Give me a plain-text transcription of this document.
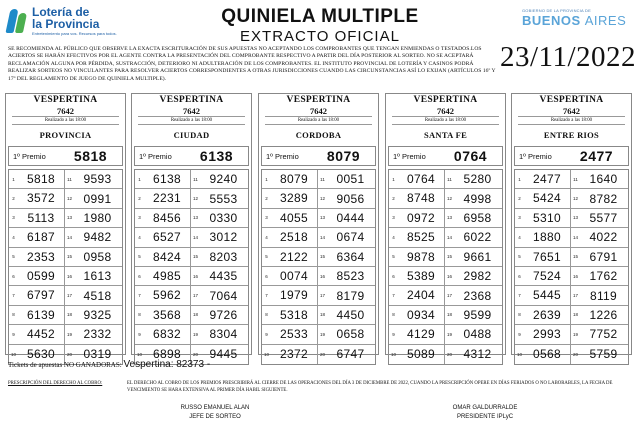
Lotería de
la Provincia
Entretenimiento para vos. Recursos para todos.
QUINIELA MULTIPLE
EXTRACTO OFICIAL
GOBIERNO DE LA PROVINCIA DE
BUENOS AIRES
SE RECOMIENDA AL PÚBLICO QUE OBSERVE LA EXACTA ESCRITURACIÓN DE SUS APUESTAS NO ACEPTANDO LOS COMPROBANTES QUE TENGAN ENMIENDAS O TESTADOS.LOS ACIERTOS SE HARÁN EFECTIVOS POR EL AGENTE CONTRA LA PRESENTACIÓN DEL COMPROBANTE RESPECTIVO A PARTIR DEL DÍA POSTERIOR AL SORTEO. NO SE ACEPTARÁ RECLAMACIÓN ALGUNA POR PÉRDIDA, SUSTRACCIÓN, DETERIORO NI ADULTERACIÓN DE LOS COMPROBANTES. EL INSTITUTO PROVINCIAL DE LOTERÍA Y CASINOS PODRÁ REALIZAR SORTEOS NO VINCULANTES PARA RESOLVER ACIERTOS CORRESPONDIENTES A OTRAS JURISDICCIONES CUANDO LAS CIRCUNSTANCIAS ASÍ LO EXIJAN (ARTÍCULOS 16º Y 17º DEL REGLAMENTO DE JUEGO DE QUINIELA MULTIPLE).
23/11/2022
VESPERTINA
7642
Realizado a las 18:00
PROVINCIA
1º Premio	5818
1	5818	11 9593
2	3572	12 0991
3	5113	13 1980
4	6187	14 9482
5	2353	15 0958
6	0599	16 1613
7	6797	17 4518
8	6139	18 9325
9	4452	19 2332
10 5630	20 0319
VESPERTINA
7642
Realizado a las 18:00
CIUDAD
1º Premio	6138
1	6138	11 9240
2	2231	12 5553
3	8456	13 0330
4	6527	14 3012
5	8424	15 8203
6	4985	16 4435
7	5962	17 7064
8	3568	18 9726
9	6832	19 8304
10 6898	20 9445
VESPERTINA
7642
Realizado a las 18:00
CORDOBA
1º Premio	8079
1	8079	11 0051
2	3289	12 9056
3	4055	13 0444
4	2518	14 0674
5	2122	15 6364
6	0074	16 8523
7	1979	17 8179
8	5318	18 4450
9	2533	19 0658
10 2372	20 6747
VESPERTINA
7642
Realizado a las 18:00
SANTA FE
1º Premio	0764
1	0764	11 5280
2	8748	12 4998
3	0972	13 6958
4	8525	14 6022
5	9878	15 9661
6	5389	16 2982
7	2404	17 2368
8	0934	18 9599
9	4129	19 0488
10 5089	20 4312
VESPERTINA
7642
Realizado a las 18:00
ENTRE RIOS
1º Premio	2477
1	2477	11 1640
2	5424	12 8782
3	5310	13 5577
4	1880	14 4022
5	7651	15 6791
6	7524	16 1762
7	5445	17 8119
8	2639	18 1226
9	2993	19 7752
10 0568	20 5759
Tickets de apuestas NO GANADORAS: Vespertina: 82373 -
PRESCRIPCIÓN DEL DERECHO AL COBRO:	EL DERECHO AL COBRO DE LOS PREMIOS PRESCRIBIRÁ AL CIERRE DE LAS OPERACIONES DEL DÍA 3 DE DICIEMBRE DE 2022, CUANDO LA PRESCRIPCIÓN OPERE EN DÍAS FERIADOS O NO LABORABLES, LA FECHA DE VENCIMIENTO SE HARA EXTENSIVA AL PRIMER DÍA HABIL SIGUIENTE.
RUSSO EMANUEL ALAN
JEFE DE SORTEO
OMAR GALDURRALDE
PRESIDENTE IPLyC
